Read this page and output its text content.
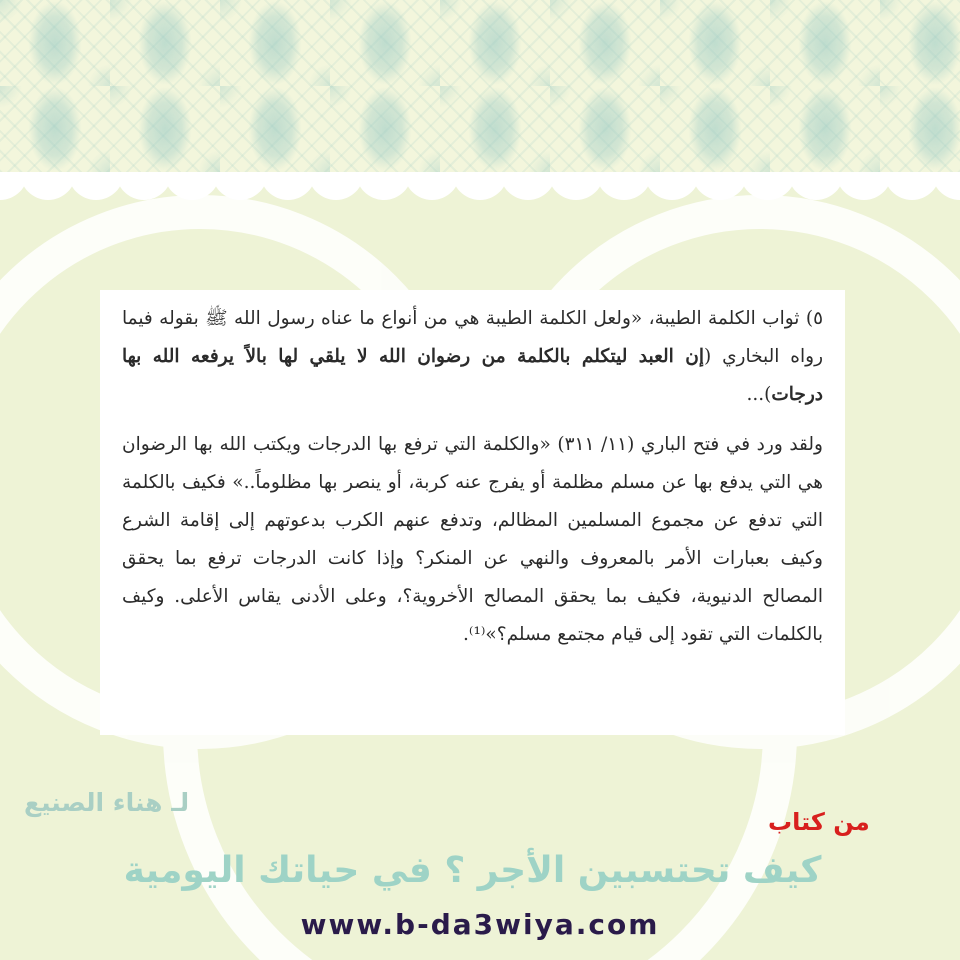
٥) ثواب الكلمة الطيبة، «ولعل الكلمة الطيبة هي من أنواع ما عناه رسول الله ﷺ بقوله فيما رواه البخاري (إن العبد ليتكلم بالكلمة من رضوان الله لا يلقي لها بالاً يرفعه الله بها درجات)...

ولقد ورد في فتح الباري (١١/ ٣١١) «والكلمة التي ترفع بها الدرجات ويكتب الله بها الرضوان هي التي يدفع بها عن مسلم مظلمة أو يفرج عنه كربة، أو ينصر بها مظلوماً..» فكيف بالكلمة التي تدفع عن مجموع المسلمين المظالم، وتدفع عنهم الكرب بدعوتهم إلى إقامة الشرع وكيف بعبارات الأمر بالمعروف والنهي عن المنكر؟ وإذا كانت الدرجات ترفع بما يحقق المصالح الدنيوية، فكيف بما يحقق المصالح الأخروية؟، وعلى الأدنى يقاس الأعلى. وكيف بالكلمات التي تقود إلى قيام مجتمع مسلم؟»⁽¹⁾.

لـ هناء الصنيع
من كتاب
كيف تحتسبين الأجر ؟ في حياتك اليومية
www.b-da3wiya.com
